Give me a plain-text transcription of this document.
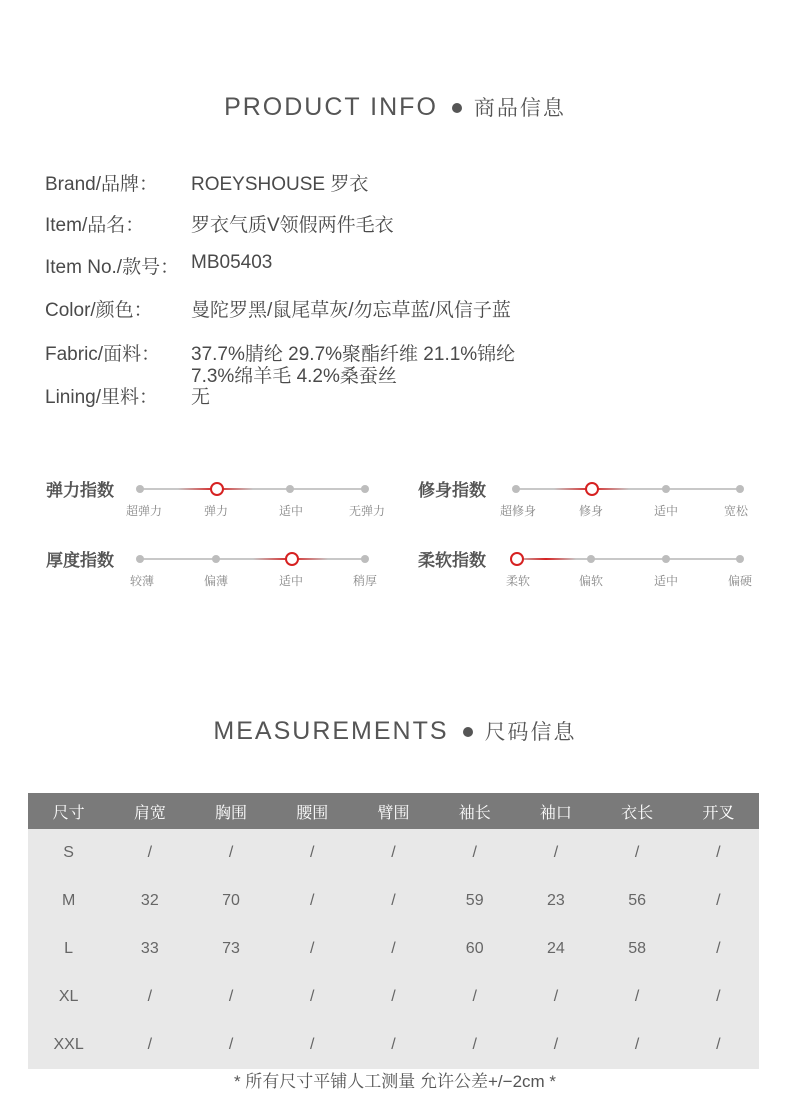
PRODUCT INFO 商品信息
Brand/品牌： ROEYSHOUSE 罗衣
Item/品名： 罗衣气质V领假两件毛衣
Item No./款号： MB05403
Color/颜色： 曼陀罗黑/鼠尾草灰/勿忘草蓝/风信子蓝
Fabric/面料： 37.7%腈纶 29.7%聚酯纤维 21.1%锦纶
7.3%绵羊毛 4.2%桑蚕丝
Lining/里料： 无
弹力指数
超弹力	弹力	适中	无弹力
修身指数
超修身	修身	适中	宽松
厚度指数
较薄	偏薄	适中	稍厚
柔软指数
柔软	偏软	适中	偏硬
MEASUREMENTS 尺码信息
尺寸	肩宽	胸围	腰围	臂围	袖长	袖口	衣长	开叉
S	/	/	/	/	/	/	/	/
M	32	70	/	/	59	23	56	/
L	33	73	/	/	60	24	58	/
XL	/	/	/	/	/	/	/	/
XXL	/	/	/	/	/	/	/	/
* 所有尺寸平铺人工测量 允许公差+/−2cm *
